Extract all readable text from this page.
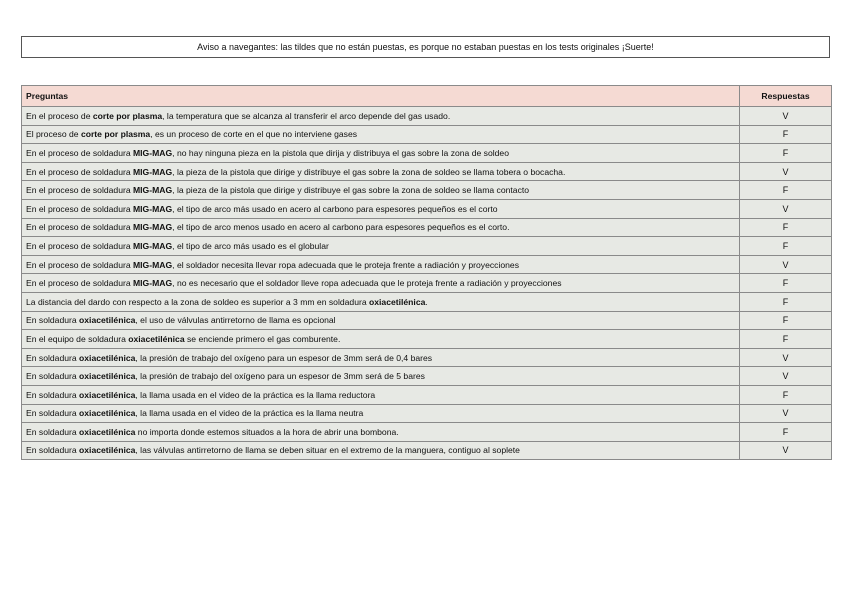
Aviso a navegantes: las tildes que no están puestas, es porque no estaban puestas en los tests originales ¡Suerte!
Preguntas	Respuestas
En el proceso de corte por plasma, la temperatura que se alcanza al transferir el arco depende del gas usado.	V
El proceso de corte por plasma, es un proceso de corte en el que no interviene gases	F
En el proceso de soldadura MIG-MAG, no hay ninguna pieza en la pistola que dirija y distribuya el gas sobre la zona de soldeo	F
En el proceso de soldadura MIG-MAG, la pieza de la pistola que dirige y distribuye el gas sobre la zona de soldeo se llama tobera o bocacha.	V
En el proceso de soldadura MIG-MAG, la pieza de la pistola que dirige y distribuye el gas sobre la zona de soldeo se llama contacto	F
En el proceso de soldadura MIG-MAG, el tipo de arco más usado en acero al carbono para espesores pequeños es el corto	V
En el proceso de soldadura MIG-MAG, el tipo de arco menos usado en acero al carbono para espesores pequeños es el corto.	F
En el proceso de soldadura MIG-MAG, el tipo de arco más usado es el globular	F
En el proceso de soldadura MIG-MAG, el soldador necesita llevar ropa adecuada que le proteja frente a radiación y proyecciones	V
En el proceso de soldadura MIG-MAG, no es necesario que el soldador lleve ropa adecuada que le proteja frente a radiación y proyecciones	F
La distancia del dardo con respecto a la zona de soldeo es superior a 3 mm en soldadura oxiacetilénica.	F
En soldadura oxiacetilénica, el uso de válvulas antirretorno de llama es opcional	F
En el equipo de soldadura oxiacetilénica se enciende primero el gas comburente.	F
En soldadura oxiacetilénica, la presión de trabajo del oxígeno para un espesor de 3mm será de 0,4 bares	V
En soldadura oxiacetilénica, la presión de trabajo del oxígeno para un espesor de 3mm será de 5 bares	V
En soldadura oxiacetilénica, la llama usada en el video de la práctica es la llama reductora	F
En soldadura oxiacetilénica, la llama usada en el video de la práctica es la llama neutra	V
En soldadura oxiacetilénica no importa donde estemos situados a la hora de abrir una bombona.	F
En soldadura oxiacetilénica, las válvulas antirretorno de llama se deben situar en el extremo de la manguera, contiguo al soplete	V
